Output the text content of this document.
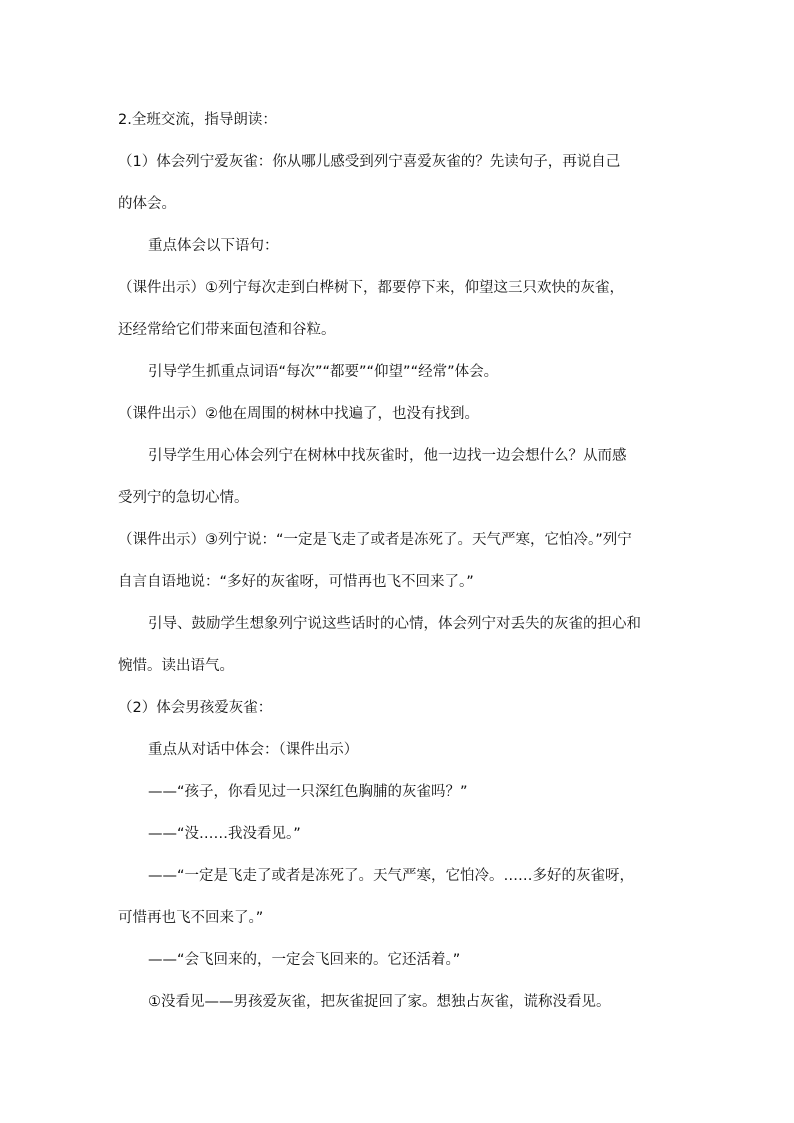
2.全班交流，指导朗读：
（1）体会列宁爱灰雀：你从哪儿感受到列宁喜爱灰雀的？先读句子，再说自己
的体会。
重点体会以下语句：
（课件出示）①列宁每次走到白桦树下，都要停下来，仰望这三只欢快的灰雀，
还经常给它们带来面包渣和谷粒。
引导学生抓重点词语“每次”“都要”“仰望”“经常”体会。
（课件出示）②他在周围的树林中找遍了，也没有找到。
引导学生用心体会列宁在树林中找灰雀时，他一边找一边会想什么？从而感
受列宁的急切心情。
（课件出示）③列宁说：“一定是飞走了或者是冻死了。天气严寒，它怕冷。”列宁
自言自语地说：“多好的灰雀呀，可惜再也飞不回来了。”
引导、鼓励学生想象列宁说这些话时的心情，体会列宁对丢失的灰雀的担心和
惋惜。读出语气。
（2）体会男孩爱灰雀：
重点从对话中体会：（课件出示）
——“孩子，你看见过一只深红色胸脯的灰雀吗？”
——“没……我没看见。”
——“一定是飞走了或者是冻死了。天气严寒，它怕冷。……多好的灰雀呀，
可惜再也飞不回来了。”
——“会飞回来的，一定会飞回来的。它还活着。”
①没看见——男孩爱灰雀，把灰雀捉回了家。想独占灰雀，谎称没看见。
